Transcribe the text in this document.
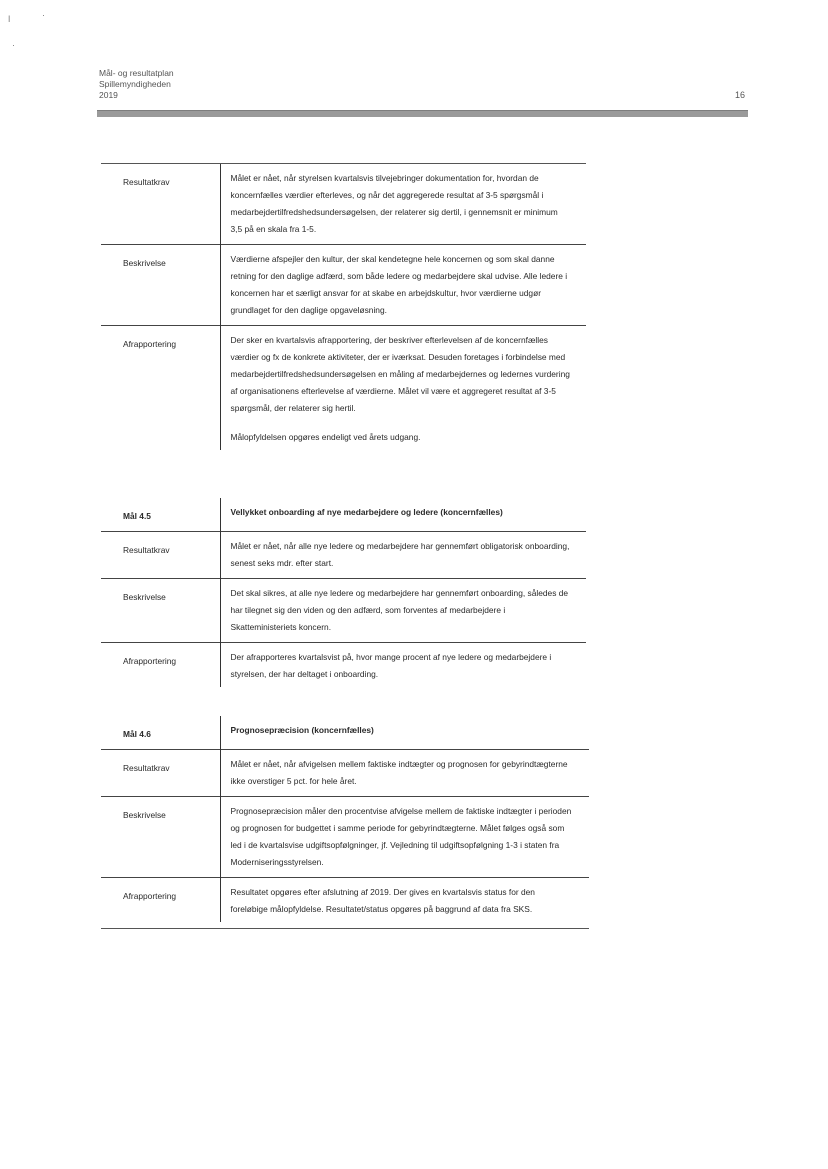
ǀ	·
·
Mål- og resultatplan
Spillemyndigheden
2019	16
Resultatkrav	Målet er nået, når styrelsen kvartalsvis tilvejebringer dokumentation for, hvordan de koncernfælles værdier efterleves, og når det aggregerede resultat af 3-5 spørgsmål i medarbejdertilfredshedsundersøgelsen, der relaterer sig dertil, i gennemsnit er minimum 3,5 på en skala fra 1-5.
Beskrivelse	Værdierne afspejler den kultur, der skal kendetegne hele koncernen og som skal danne retning for den daglige adfærd, som både ledere og medarbejdere skal udvise. Alle ledere i koncernen har et særligt ansvar for at skabe en arbejdskultur, hvor værdierne udgør grundlaget for den daglige opgaveløsning.
Afrapportering	Der sker en kvartalsvis afrapportering, der beskriver efterlevelsen af de koncernfælles værdier og fx de konkrete aktiviteter, der er iværksat. Desuden foretages i forbindelse med medarbejdertilfredshedsundersøgelsen en måling af medarbejdernes og ledernes vurdering af organisationens efterlevelse af værdierne. Målet vil være et aggregeret resultat af 3-5 spørgsmål, der relaterer sig hertil.
Målopfyldelsen opgøres endeligt ved årets udgang.
Mål 4.5	Vellykket onboarding af nye medarbejdere og ledere (koncernfælles)
Resultatkrav	Målet er nået, når alle nye ledere og medarbejdere har gennemført obligatorisk onboarding, senest seks mdr. efter start.
Beskrivelse	Det skal sikres, at alle nye ledere og medarbejdere har gennemført onboarding, således de har tilegnet sig den viden og den adfærd, som forventes af medarbejdere i Skatteministeriets koncern.
Afrapportering	Der afrapporteres kvartalsvist på, hvor mange procent af nye ledere og medarbejdere i styrelsen, der har deltaget i onboarding.
Mål 4.6	Prognosepræcision (koncernfælles)
Resultatkrav	Målet er nået, når afvigelsen mellem faktiske indtægter og prognosen for gebyrindtægterne ikke overstiger 5 pct. for hele året.
Beskrivelse	Prognosepræcision måler den procentvise afvigelse mellem de faktiske indtægter i perioden og prognosen for budgettet i samme periode for gebyrindtægterne. Målet følges også som led i de kvartalsvise udgiftsopfølgninger, jf. Vejledning til udgiftsopfølgning 1-3 i staten fra Moderniseringsstyrelsen.
Afrapportering	Resultatet opgøres efter afslutning af 2019. Der gives en kvartalsvis status for den foreløbige målopfyldelse. Resultatet/status opgøres på baggrund af data fra SKS.
